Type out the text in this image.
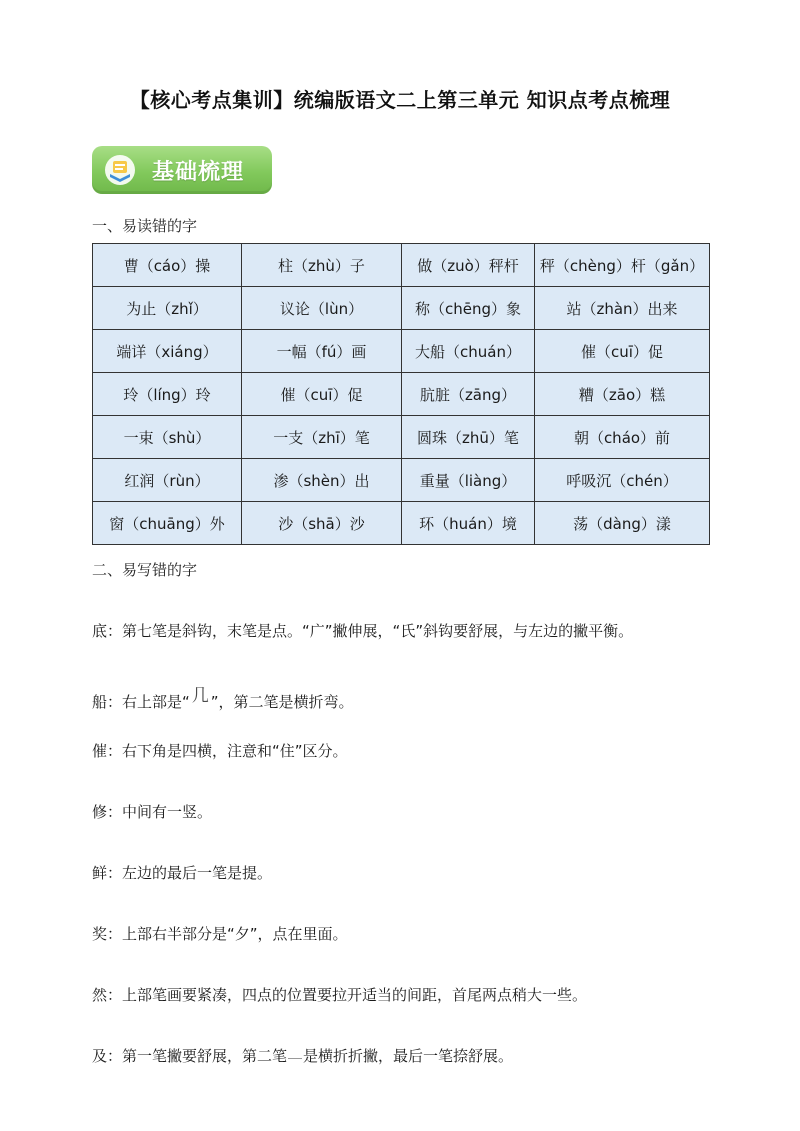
【核心考点集训】统编版语文二上第三单元 知识点考点梳理
基础梳理
一、易读错的字
曹（cáo）操	柱（zhù）子	做（zuò）秤杆	秤（chèng）杆（gǎn）
为止（zhǐ）	议论（lùn）	称（chēng）象	站（zhàn）出来
端详（xiáng）	一幅（fú）画	大船（chuán）	催（cuī）促
玲（líng）玲	催（cuī）促	肮脏（zāng）	糟（zāo）糕
一束（shù）	一支（zhī）笔	圆珠（zhū）笔	朝（cháo）前
红润（rùn）	渗（shèn）出	重量（liàng）	呼吸沉（chén）
窗（chuāng）外	沙（shā）沙	环（huán）境	荡（dàng）漾
二、易写错的字
底：第七笔是斜钩，末笔是点。“广”撇伸展，“氏”斜钩要舒展，与左边的撇平衡。
船：右上部是“ 几 ”，第二笔是横折弯。
催：右下角是四横，注意和“住”区分。
修：中间有一竖。
鲜：左边的最后一笔是提。
奖：上部右半部分是“夕”，点在里面。
然：上部笔画要紧凑，四点的位置要拉开适当的间距，首尾两点稍大一些。
及：第一笔撇要舒展，第二笔 是横折折撇，最后一笔捺舒展。
